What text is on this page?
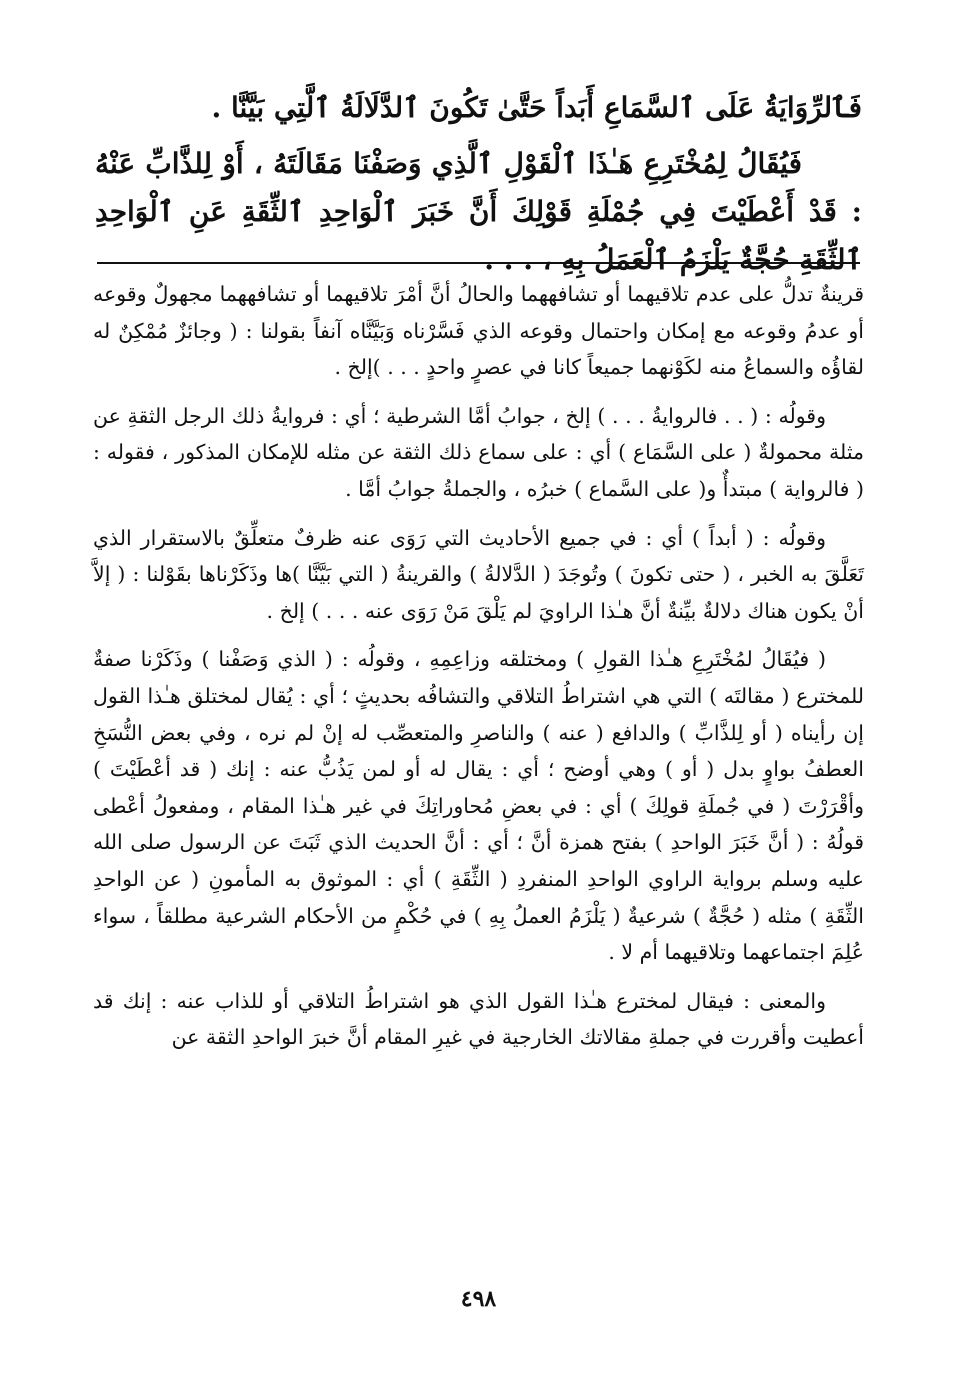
فَٱلرِّوَايَةُ عَلَى ٱلسَّمَاعِ أَبَداً حَتَّىٰ تَكُونَ ٱلدَّلَالَةُ ٱلَّتِي بَيَّنَّا .

فَيُقَالُ لِمُخْتَرِعِ هَـٰذَا ٱلْقَوْلِ ٱلَّذِي وَصَفْنَا مَقَالَتَهُ ، أَوْ لِلذَّابِّ عَنْهُ : قَدْ أَعْطَيْتَ فِي جُمْلَةِ قَوْلِكَ أَنَّ خَبَرَ ٱلْوَاحِدِ ٱلثِّقَةِ عَنِ ٱلْوَاحِدِ ٱلثِّقَةِ حُجَّةٌ يَلْزَمُ ٱلْعَمَلُ بِهِ ، . . .

قرينةٌ تدلُّ على عدم تلاقيهما أو تشافههما والحالُ أنَّ أمْرَ تلاقيهما أو تشافههما مجهولٌ وقوعه أو عدمُ وقوعه مع إمكان واحتمال وقوعه الذي فَسَّرْناه وَبَيَّنَّاه آنفاً بقولنا : ( وجائزٌ مُمْكِنٌ له لقاؤُه والسماعُ منه لكَوْنهما جميعاً كانا في عصرٍ واحدٍ . . . )إلخ .

وقولُه : ( . . فالروايةُ . . . ) إلخ ، جوابُ أمَّا الشرطية ؛ أي : فروايةُ ذلك الرجل الثقةِ عن مثلة محمولةٌ ( على السَّمَاع ) أي : على سماع ذلك الثقة عن مثله للإمكان المذكور ، فقوله : ( فالرواية ) مبتدأٌ و( على السَّماع ) خبرُه ، والجملةُ جوابُ أمَّا .

وقولُه : ( أبداً ) أي : في جميع الأحاديث التي رَوَى عنه ظرفٌ متعلِّقٌ بالاستقرار الذي تَعَلَّقَ به الخبر ، ( حتى تكونَ ) وتُوجَدَ ( الدَّلالةُ ) والقرينةُ ( التي بَيَّنَّا )ها وذَكَرْناها بقَوْلنا : ( إلاَّ أنْ يكون هناك دلالةٌ بيِّنةٌ أنَّ هـٰذا الراويَ لم يَلْقَ مَنْ رَوَى عنه . . . ) إلخ .

( فيُقَالُ لمُخْتَرِعِ هـٰذا القولِ ) ومختلقه وزاعِمِهِ ، وقولُه : ( الذي وَصَفْنا ) وذَكَرْنا صفةٌ للمخترع ( مقالتَه ) التي هي اشتراطُ التلاقي والتشافُه بحديثٍ ؛ أي : يُقال لمختلق هـٰذا القول إن رأيناه ( أو لِلذَّابِّ ) والدافع ( عنه ) والناصرِ والمتعصِّب له إنْ لم نره ، وفي بعض النُّسَخِ العطفُ بواوٍ بدل ( أو ) وهي أوضح ؛ أي : يقال له أو لمن يَذُبُّ عنه : إنك ( قد أعْطَيْتَ ) وأقْرَرْتَ ( في جُملَةِ قولِكَ ) أي : في بعضِ مُحاوراتِكَ في غير هـٰذا المقام ، ومفعولُ أعْطى قولُهُ : ( أنَّ خَبَرَ الواحدِ ) بفتح همزة أنَّ ؛ أي : أنَّ الحديث الذي ثَبَتَ عن الرسول صلى الله عليه وسلم برواية الراوي الواحدِ المنفردِ ( الثِّقَةِ ) أي : الموثوق به المأمونِ ( عن الواحدِ الثِّقَةِ ) مثله ( حُجَّةٌ ) شرعيةٌ ( يَلْزَمُ العملُ بِهِ ) في حُكْمٍ من الأحكام الشرعية مطلقاً ، سواء عُلِمَ اجتماعهما وتلاقيهما أم لا .

والمعنى : فيقال لمخترع هـٰذا القول الذي هو اشتراطُ التلاقي أو للذاب عنه : إنك قد أعطيت وأقررت في جملةِ مقالاتك الخارجية في غيرِ المقام أنَّ خبرَ الواحدِ الثقة عن

٤٩٨
